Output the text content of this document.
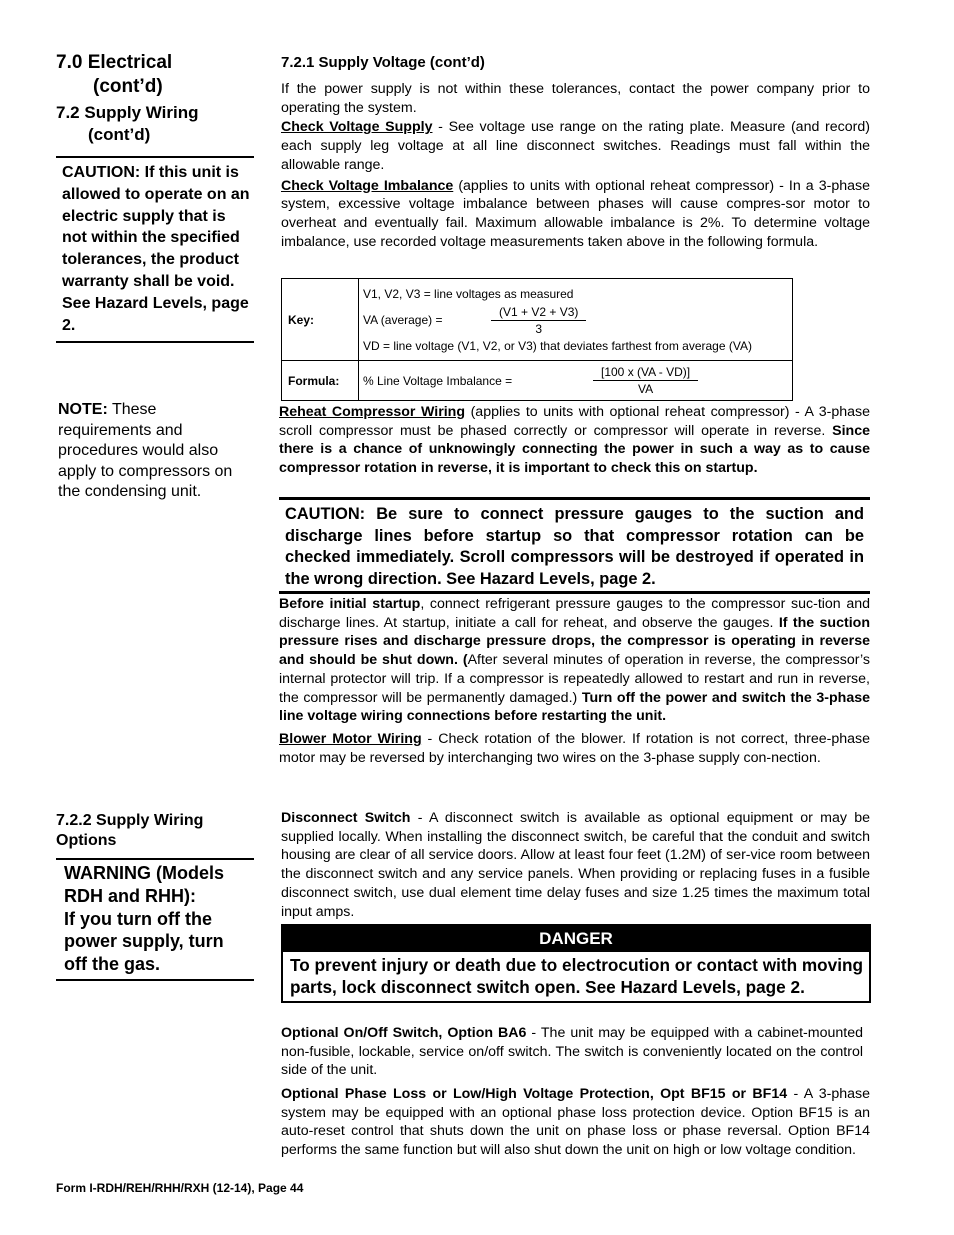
7.0 Electrical
(cont’d)
7.2 Supply Wiring
(cont’d)
CAUTION: If this unit is allowed to operate on an electric supply that is not within the specified tolerances, the product warranty shall be void. See Hazard Levels, page 2.
NOTE: These requirements and procedures would also apply to compressors on the condensing unit.
7.2.2 Supply Wiring Options
WARNING (Models RDH and RHH):
If you turn off the power supply, turn off the gas.
7.2.1 Supply Voltage (cont’d)

If the power supply is not within these tolerances, contact the power company prior to operating the system.

Check Voltage Supply - See voltage use range on the rating plate. Measure (and record) each supply leg voltage at all line disconnect switches. Readings must fall within the allowable range.

Check Voltage Imbalance (applies to units with optional reheat compressor) - In a 3-phase system, excessive voltage imbalance between phases will cause compres-sor motor to overheat and eventually fail. Maximum allowable imbalance is 2%. To determine voltage imbalance, use recorded voltage measurements taken above in the following formula.

Key:	V1, V2, V3 = line voltages as measured
VA (average) = $\frac{(V1 + V2 + V3)}{3}$
VD = line voltage (V1, V2, or V3) that deviates farthest from average (VA)

Formula:	% Line Voltage Imbalance = $\frac{[100 x (VA - VD)]}{VA}$

Reheat Compressor Wiring (applies to units with optional reheat compressor) - A 3-phase scroll compressor must be phased correctly or compressor will operate in reverse. Since there is a chance of unknowingly connecting the power in such a way as to cause compressor rotation in reverse, it is important to check this on startup.

CAUTION: Be sure to connect pressure gauges to the suction and discharge lines before startup so that compressor rotation can be checked immediately. Scroll compressors will be destroyed if operated in the wrong direction. See Hazard Levels, page 2.

Before initial startup, connect refrigerant pressure gauges to the compressor suc-tion and discharge lines. At startup, initiate a call for reheat, and observe the gauges. If the suction pressure rises and discharge pressure drops, the compressor is operating in reverse and should be shut down. (After several minutes of operation in reverse, the compressor’s internal protector will trip. If a compressor is repeatedly allowed to restart and run in reverse, the compressor will be permanently damaged.) Turn off the power and switch the 3-phase line voltage wiring connections before restarting the unit.

Blower Motor Wiring - Check rotation of the blower. If rotation is not correct, three-phase motor may be reversed by interchanging two wires on the 3-phase supply con-nection.

Disconnect Switch - A disconnect switch is available as optional equipment or may be supplied locally. When installing the disconnect switch, be careful that the conduit and switch housing are clear of all service doors. Allow at least four feet (1.2M) of ser-vice room between the disconnect switch and any service panels. When providing or replacing fuses in a fusible disconnect switch, use dual element time delay fuses and size 1.25 times the maximum total input amps.

DANGER
To prevent injury or death due to electrocution or contact with moving parts, lock disconnect switch open. See Hazard Levels, page 2.

Optional On/Off Switch, Option BA6 - The unit may be equipped with a cabinet-mounted non-fusible, lockable, service on/off switch. The switch is conveniently located on the control side of the unit.

Optional Phase Loss or Low/High Voltage Protection, Opt BF15 or BF14 - A 3-phase system may be equipped with an optional phase loss protection device. Option BF15 is an auto-reset control that shuts down the unit on phase loss or phase reversal. Option BF14 performs the same function but will also shut down the unit on high or low voltage condition.

Form I-RDH/REH/RHH/RXH (12-14), Page 44
